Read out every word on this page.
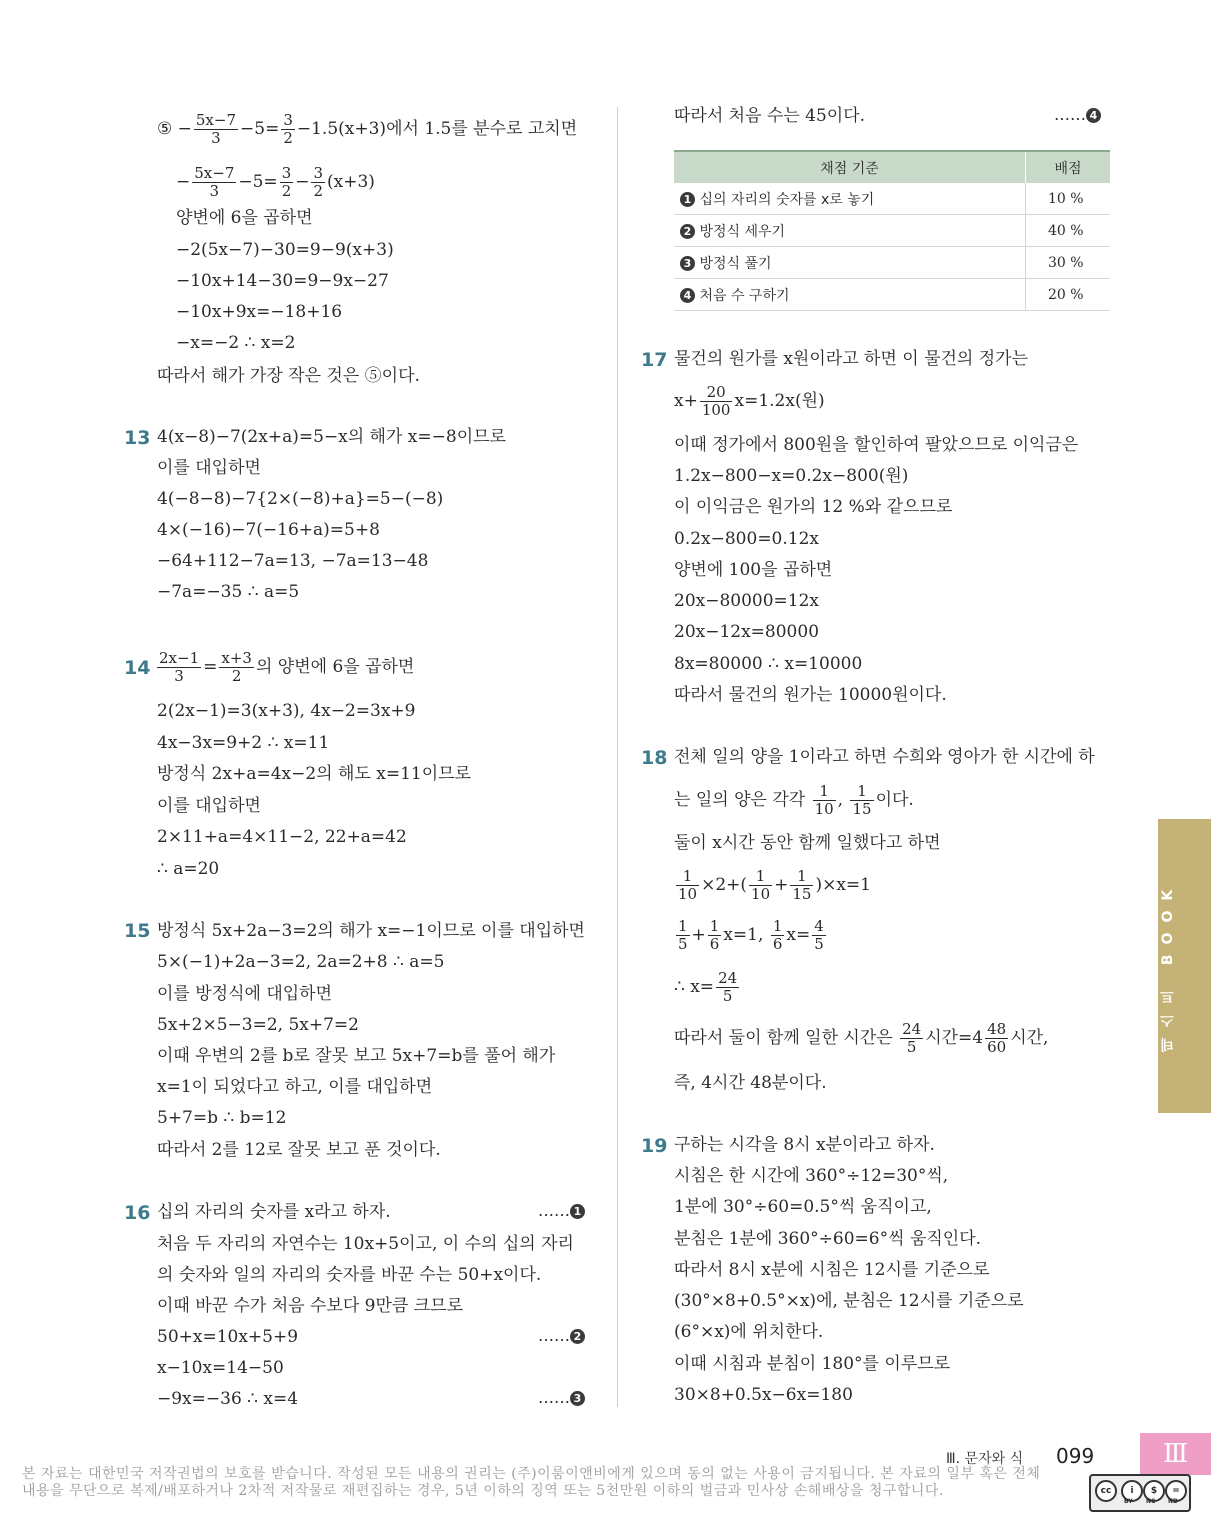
⑤ − $\frac{5x-7}{3} -5= \frac{3}{2} -1.5(x+3)$에서 1.5를 분수로 고치면
− $\frac{5x-7}{3} -5= \frac{3}{2} - \frac{3}{2} (x+3)$
양변에 6을 곱하면
−2(5x−7)−30=9−9(x+3)
−10x+14−30=9−9x−27
−10x+9x=−18+16
−x=−2 ∴ x=2
따라서 해가 가장 작은 것은 ⑤이다.
13 4(x−8)−7(2x+a)=5−x의 해가 x=−8이므로
이를 대입하면
4(−8−8)−7{2×(−8)+a}=5−(−8)
4×(−16)−7(−16+a)=5+8
−64+112−7a=13, −7a=13−48
−7a=−35 ∴ a=5
$14 \frac{2x-1}{3} = \frac{x+3}{2}$ 의 양변에 6을 곱하면
2(2x−1)=3(x+3), 4x−2=3x+9
4x−3x=9+2 ∴ x=11
방정식 2x+a=4x−2의 해도 x=11이므로
이를 대입하면
2×11+a=4×11−2, 22+a=42
∴ a=20
15 방정식 5x+2a−3=2의 해가 x=−1이므로 이를 대입하면
5×(−1)+2a−3=2, 2a=2+8 ∴ a=5
이를 방정식에 대입하면
5x+2×5−3=2, 5x+7=2
이때 우변의 2를 b로 잘못 보고 5x+7=b를 풀어 해가
x=1이 되었다고 하고, 이를 대입하면
5+7=b ∴ b=12
따라서 2를 12로 잘못 보고 푼 것이다.
16 십의 자리의 숫자를 x라고 하자.	…… 1
처음 두 자리의 자연수는 10x+5이고, 이 수의 십의 자리
의 숫자와 일의 자리의 숫자를 바꾼 수는 50+x이다.
이때 바꾼 수가 처음 수보다 9만큼 크므로
50+x=10x+5+9	…… 2
x−10x=14−50
−9x=−36 ∴ x=4	…… 3
따라서 처음 수는 45이다.	…… 4
채점 기준	배점
1 십의 자리의 숫자를 x로 놓기	10 %
2 방정식 세우기	40 %
3 방정식 풀기	30 %
4 처음 수 구하기	20 %
17 물건의 원가를 x원이라고 하면 이 물건의 정가는
$x+ \frac{20}{100} x=1.2x$(원)
이때 정가에서 800원을 할인하여 팔았으므로 이익금은
1.2x−800−x=0.2x−800(원)
이 이익금은 원가의 12 %와 같으므로
0.2x−800=0.12x
양변에 100을 곱하면
20x−80000=12x
20x−12x=80000
8x=80000 ∴ x=10000
따라서 물건의 원가는 10000원이다.
18 전체 일의 양을 1이라고 하면 수희와 영아가 한 시간에 하
는 일의 양은 각각 $\frac{1}{10}$ , $\frac{1}{15}$ 이다.
둘이 x시간 동안 함께 일했다고 하면
$\frac{1}{10} \times 2+( \frac{1}{10} + \frac{1}{15} )\times x=1$
$\frac{1}{5} + \frac{1}{6} x=1$, $\frac{1}{6} x= \frac{4}{5}$
∴ $x= \frac{24}{5}$
따라서 둘이 함께 일한 시간은 $\frac{24}{5}$ 시간$=4 \frac{48}{60}$ 시간,
즉, 4시간 48분이다.
19 구하는 시각을 8시 x분이라고 하자.
시침은 한 시간에 360°÷12=30°씩,
1분에 30°÷60=0.5°씩 움직이고,
분침은 1분에 360°÷60=6°씩 움직인다.
따라서 8시 x분에 시침은 12시를 기준으로
(30°×8+0.5°×x)에, 분침은 12시를 기준으로
(6°×x)에 위치한다.
이때 시침과 분침이 180°를 이루므로
30×8+0.5x−6x=180
테스트 BOOK
Ⅲ. 문자와 식 099	Ⅲ
본 자료는 대한민국 저작권법의 보호를 받습니다. 작성된 모든 내용의 권리는 (주)이룸이앤비에게 있으며 동의 없는 사용이 금지됩니다. 본 자료의 일부 혹은 전체 내용을 무단으로 복제/배포하거나 2차적 저작물로 재편집하는 경우, 5년 이하의 징역 또는 5천만원 이하의 벌금과 민사상 손해배상을 청구합니다.	cc	i	$	=
BY NC ND
